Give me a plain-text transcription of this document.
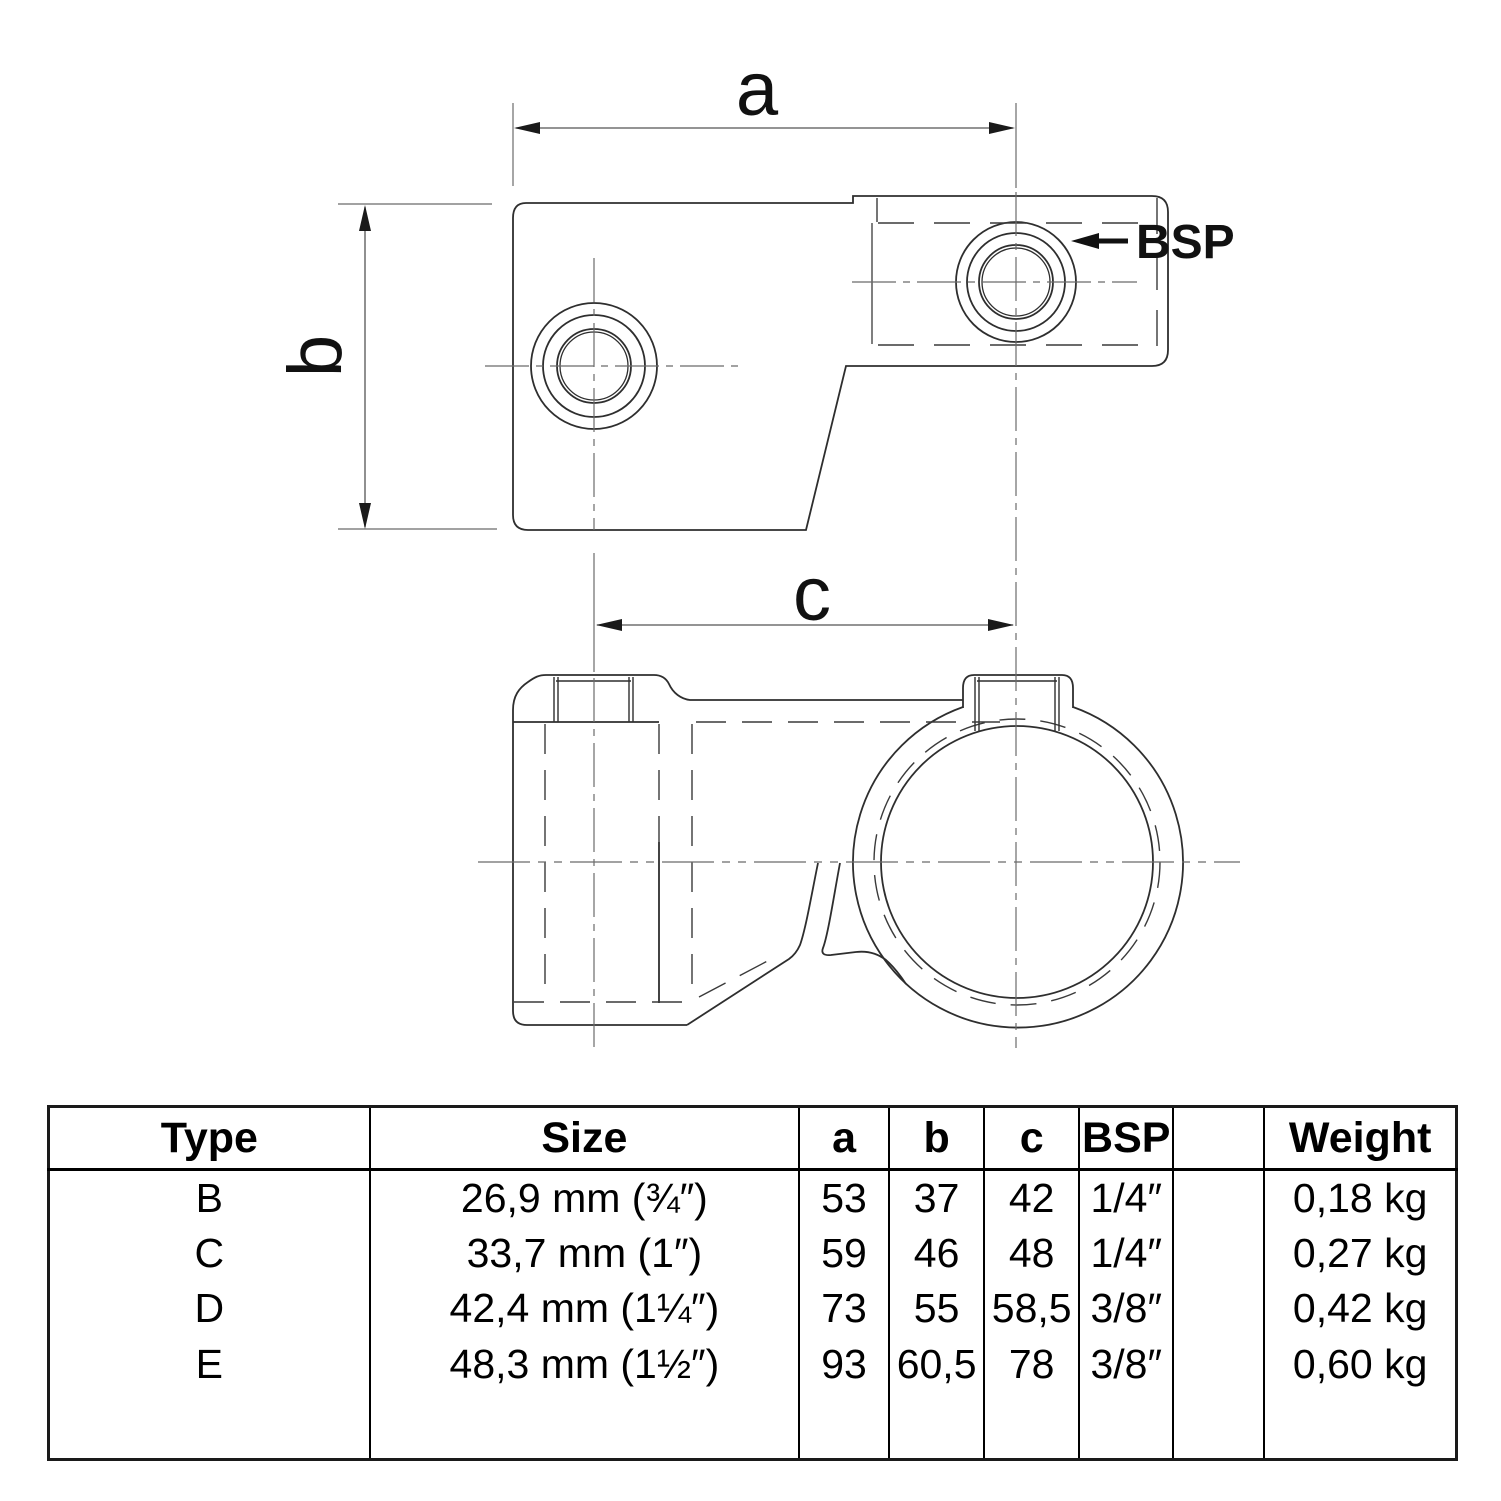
a
b
c
BSP
Type	Size	a	b	c	BSP		Weight
B	26,9 mm (¾″)	53	37	42	1/4″		0,18 kg
C	33,7 mm (1″)	59	46	48	1/4″		0,27 kg
D	42,4 mm (1¼″)	73	55	58,5	3/8″		0,42 kg
E	48,3 mm (1½″)	93	60,5	78	3/8″		0,60 kg
